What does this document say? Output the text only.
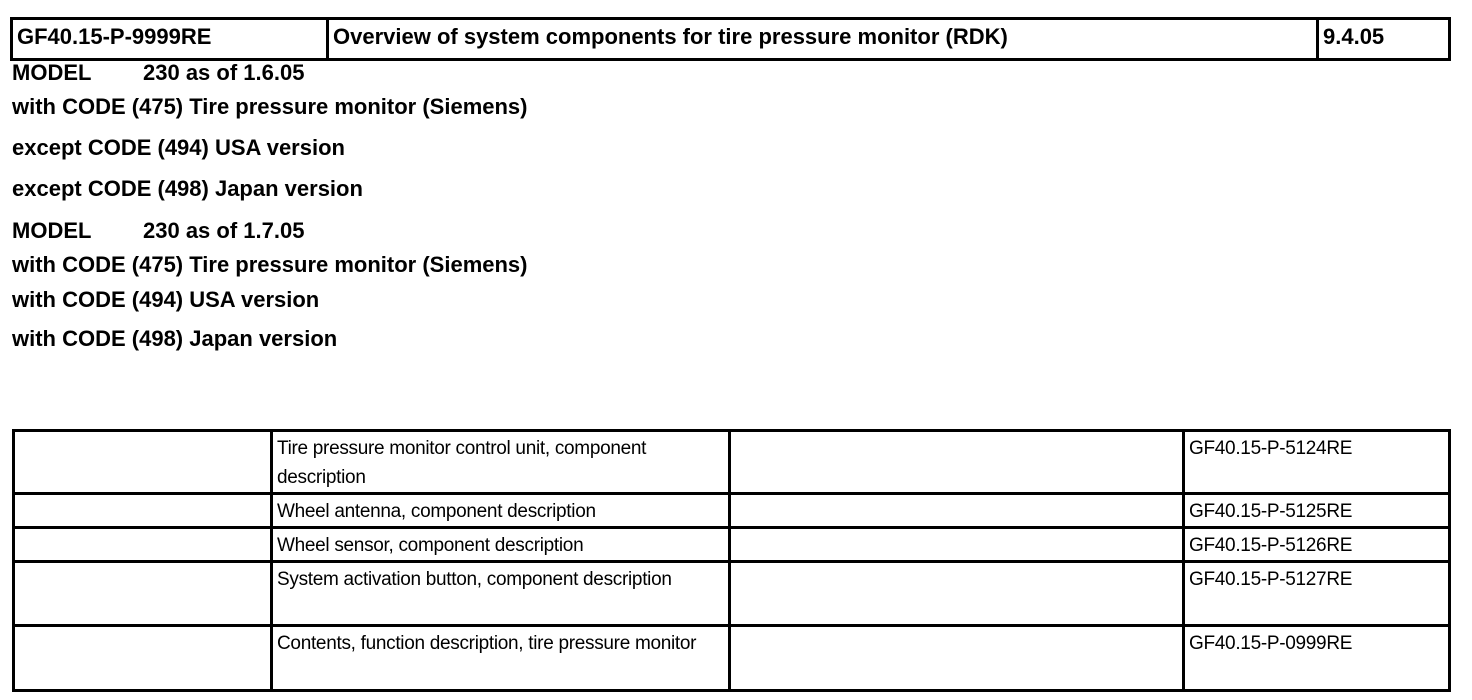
GF40.15-P-9999RE	Overview of system components for tire pressure monitor (RDK)	9.4.05
MODEL 230 as of 1.6.05
with CODE (475) Tire pressure monitor (Siemens)
except CODE (494) USA version
except CODE (498) Japan version
MODEL 230 as of 1.7.05
with CODE (475) Tire pressure monitor (Siemens)
with CODE (494) USA version
with CODE (498) Japan version
	Tire pressure monitor control unit, component description		GF40.15-P-5124RE
	Wheel antenna, component description		GF40.15-P-5125RE
	Wheel sensor, component description		GF40.15-P-5126RE
	System activation button, component description		GF40.15-P-5127RE
	Contents, function description, tire pressure monitor		GF40.15-P-0999RE
